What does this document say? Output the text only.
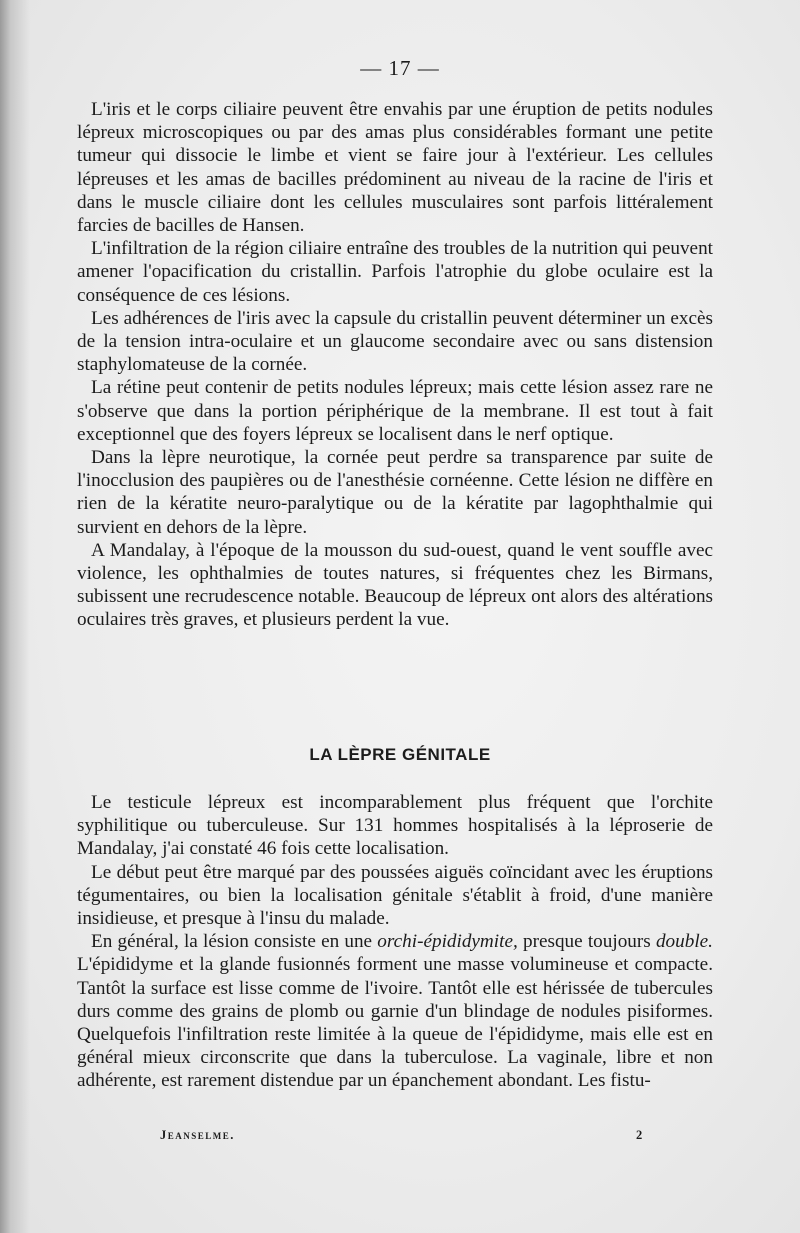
— 17 —

L'iris et le corps ciliaire peuvent être envahis par une éruption de petits nodules lépreux microscopiques ou par des amas plus considérables formant une petite tumeur qui dissocie le limbe et vient se faire jour à l'extérieur. Les cellules lépreuses et les amas de bacilles prédominent au niveau de la racine de l'iris et dans le muscle ciliaire dont les cellules musculaires sont parfois littéralement farcies de bacilles de Hansen.

L'infiltration de la région ciliaire entraîne des troubles de la nutrition qui peuvent amener l'opacification du cristallin. Parfois l'atrophie du globe oculaire est la conséquence de ces lésions.

Les adhérences de l'iris avec la capsule du cristallin peuvent déterminer un excès de la tension intra-oculaire et un glaucome secondaire avec ou sans distension staphylomateuse de la cornée.

La rétine peut contenir de petits nodules lépreux; mais cette lésion assez rare ne s'observe que dans la portion périphérique de la membrane. Il est tout à fait exceptionnel que des foyers lépreux se localisent dans le nerf optique.

Dans la lèpre neurotique, la cornée peut perdre sa transparence par suite de l'inocclusion des paupières ou de l'anesthésie cornéenne. Cette lésion ne diffère en rien de la kératite neuro-paralytique ou de la kératite par lagophthalmie qui survient en dehors de la lèpre.

A Mandalay, à l'époque de la mousson du sud-ouest, quand le vent souffle avec violence, les ophthalmies de toutes natures, si fréquentes chez les Birmans, subissent une recrudescence notable. Beaucoup de lépreux ont alors des altérations oculaires très graves, et plusieurs perdent la vue.

LA LÈPRE GÉNITALE

Le testicule lépreux est incomparablement plus fréquent que l'orchite syphilitique ou tuberculeuse. Sur 131 hommes hospitalisés à la léproserie de Mandalay, j'ai constaté 46 fois cette localisation.

Le début peut être marqué par des poussées aiguës coïncidant avec les éruptions tégumentaires, ou bien la localisation génitale s'établit à froid, d'une manière insidieuse, et presque à l'insu du malade.

En général, la lésion consiste en une orchi-épididymite, presque toujours double. L'épididyme et la glande fusionnés forment une masse volumineuse et compacte. Tantôt la surface est lisse comme de l'ivoire. Tantôt elle est hérissée de tubercules durs comme des grains de plomb ou garnie d'un blindage de nodules pisiformes. Quelquefois l'infiltration reste limitée à la queue de l'épididyme, mais elle est en général mieux circonscrite que dans la tuberculose. La vaginale, libre et non adhérente, est rarement distendue par un épanchement abondant. Les fistu-

Jeanselme.	2
